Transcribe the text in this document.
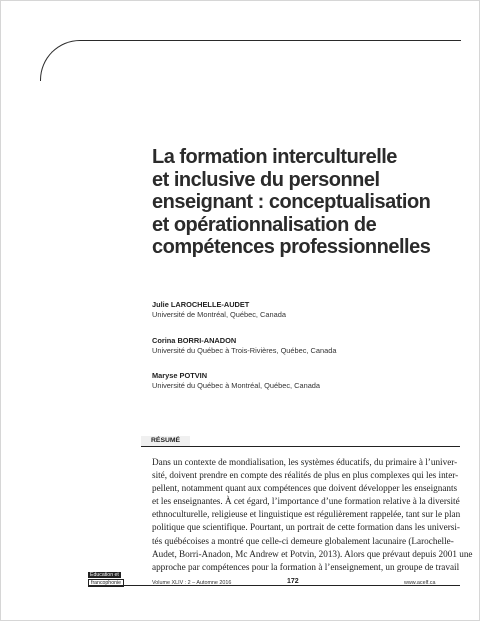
La formation interculturelle
et inclusive du personnel
enseignant : conceptualisation
et opérationnalisation de
compétences professionnelles
Julie LAROCHELLE-AUDET
Université de Montréal, Québec, Canada
Corina BORRI-ANADON
Université du Québec à Trois-Rivières, Québec, Canada
Maryse POTVIN
Université du Québec à Montréal, Québec, Canada
RÉSUMÉ
Dans un contexte de mondialisation, les systèmes éducatifs, du primaire à l’univer-
sité, doivent prendre en compte des réalités de plus en plus complexes qui les inter-
pellent, notamment quant aux compétences que doivent développer les enseignants
et les enseignantes. À cet égard, l’importance d’une formation relative à la diversité
ethnoculturelle, religieuse et linguistique est régulièrement rappelée, tant sur le plan
politique que scientifique. Pourtant, un portrait de cette formation dans les universi-
tés québécoises a montré que celle-ci demeure globalement lacunaire (Larochelle-
Audet, Borri-Anadon, Mc Andrew et Potvin, 2013). Alors que prévaut depuis 2001 une
approche par compétences pour la formation à l’enseignement, un groupe de travail
Éducation et
francophonie	Volume XLIV : 2 – Automne 2016	172	www.acelf.ca
